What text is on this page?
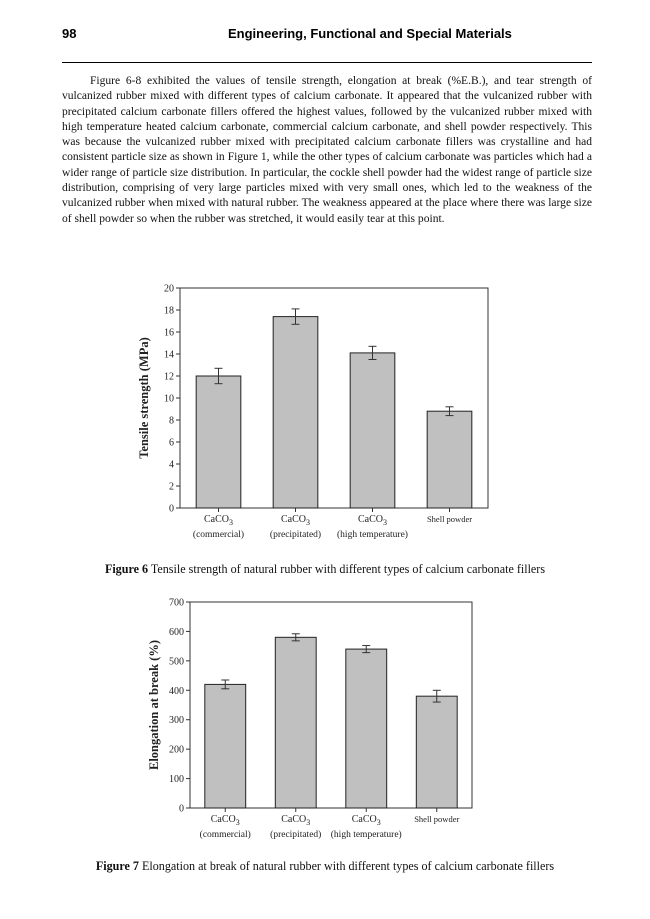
98	Engineering, Functional and Special Materials
Figure 6-8 exhibited the values of tensile strength, elongation at break (%E.B.), and tear strength of vulcanized rubber mixed with different types of calcium carbonate. It appeared that the vulcanized rubber with precipitated calcium carbonate fillers offered the highest values, followed by the vulcanized rubber mixed with high temperature heated calcium carbonate, commercial calcium carbonate, and shell powder respectively. This was because the vulcanized rubber mixed with precipitated calcium carbonate fillers was crystalline and had consistent particle size as shown in Figure 1, while the other types of calcium carbonate was particles which had a wider range of particle size distribution. In particular, the cockle shell powder had the widest range of particle size distribution, comprising of very large particles mixed with very small ones, which led to the weakness of the vulcanized rubber when mixed with natural rubber. The weakness appeared at the place where there was large size of shell powder so when the rubber was stretched, it would easily tear at this point.
0
2
4
6
8
10
12
14
16
18
20
Tensile strength (MPa)
CaCO$_3$
(commercial)
CaCO$_3$
(precipitated)
CaCO$_3$
(high temperature)
Shell powder
Figure 6 Tensile strength of natural rubber with different types of calcium carbonate fillers
0
100
200
300
400
500
600
700
Elongation at break (%)
CaCO$_3$
(commercial)
CaCO$_3$
(precipitated)
CaCO$_3$
(high temperature)
Shell powder
Figure 7 Elongation at break of natural rubber with different types of calcium carbonate fillers
